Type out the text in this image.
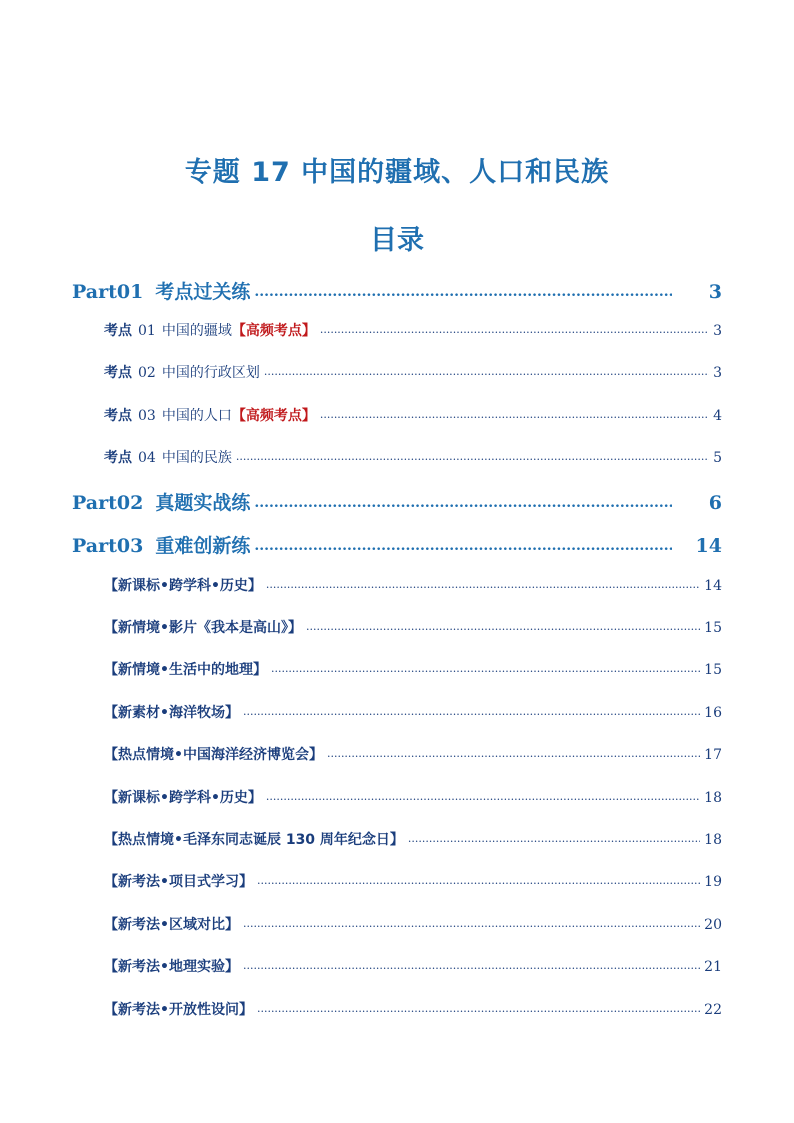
专题 17 中国的疆域、人口和民族
目录
Part01 考点过关练 .....	3
考点 01 中国的疆域 【高频考点】 .....	3
考点 02 中国的行政区划 .....	3
考点 03 中国的人口 【高频考点】 .....	4
考点 04 中国的民族 .....	5
Part02 真题实战练 .....	6
Part03 重难创新练 .....	14
【新课标•跨学科•历史】 .....	14
【新情境•影片《我本是高山》】 .....	15
【新情境•生活中的地理】 .....	15
【新素材•海洋牧场】 .....	16
【热点情境•中国海洋经济博览会】 .....	17
【新课标•跨学科•历史】 .....	18
【热点情境•毛泽东同志诞辰 130 周年纪念日】 .....	18
【新考法•项目式学习】 .....	19
【新考法•区域对比】 .....	20
【新考法•地理实验】 .....	21
【新考法•开放性设问】 .....	22
